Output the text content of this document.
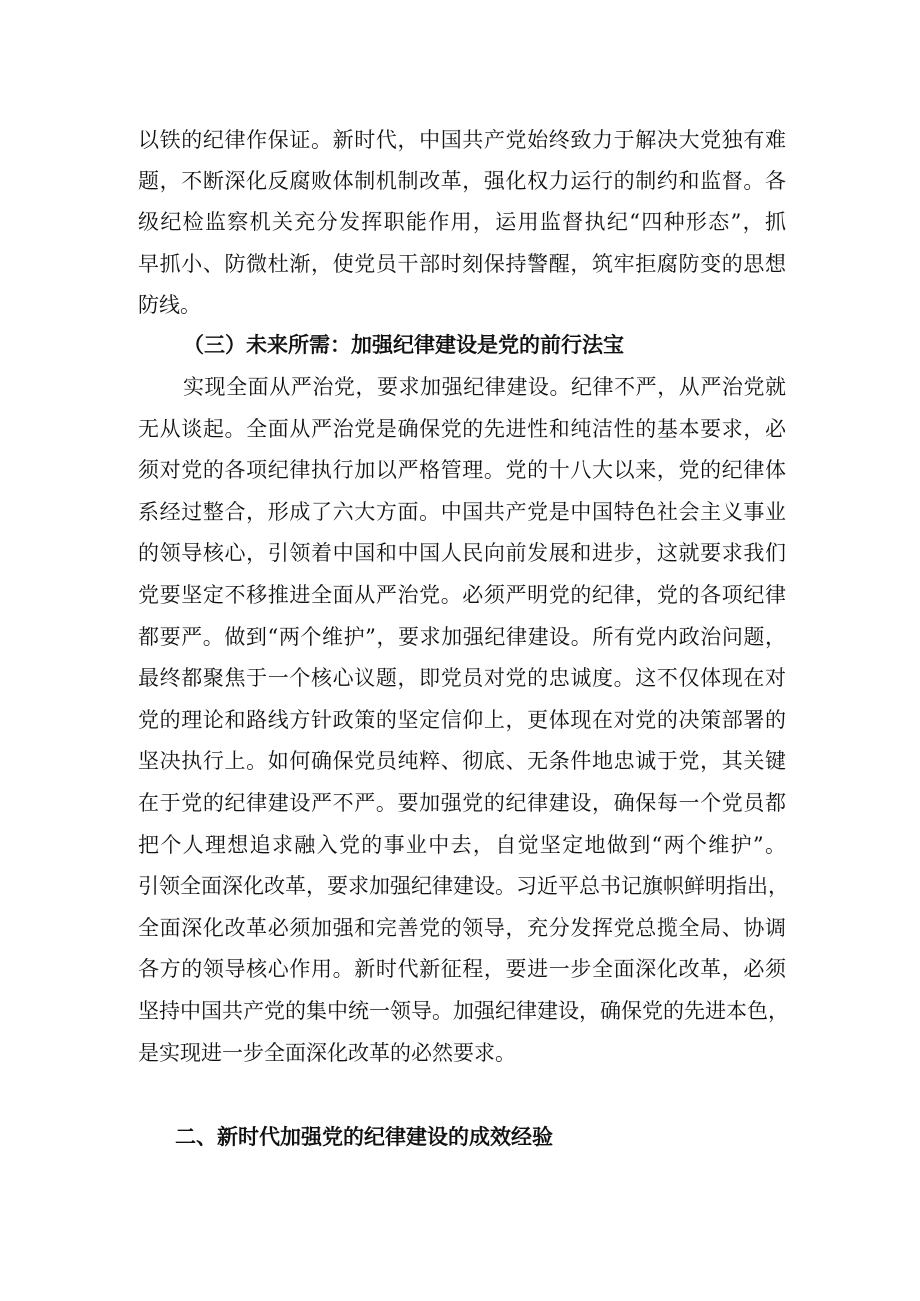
以铁的纪律作保证。新时代，中国共产党始终致力于解决大党独有难
题，不断深化反腐败体制机制改革，强化权力运行的制约和监督。各
级纪检监察机关充分发挥职能作用，运用监督执纪“四种形态”，抓
早抓小、防微杜渐，使党员干部时刻保持警醒，筑牢拒腐防变的思想
防线。
（三）未来所需：加强纪律建设是党的前行法宝
实现全面从严治党，要求加强纪律建设。纪律不严，从严治党就
无从谈起。全面从严治党是确保党的先进性和纯洁性的基本要求，必
须对党的各项纪律执行加以严格管理。党的十八大以来，党的纪律体
系经过整合，形成了六大方面。中国共产党是中国特色社会主义事业
的领导核心，引领着中国和中国人民向前发展和进步，这就要求我们
党要坚定不移推进全面从严治党。必须严明党的纪律，党的各项纪律
都要严。做到“两个维护”，要求加强纪律建设。所有党内政治问题，
最终都聚焦于一个核心议题，即党员对党的忠诚度。这不仅体现在对
党的理论和路线方针政策的坚定信仰上，更体现在对党的决策部署的
坚决执行上。如何确保党员纯粹、彻底、无条件地忠诚于党，其关键
在于党的纪律建设严不严。要加强党的纪律建设，确保每一个党员都
把个人理想追求融入党的事业中去，自觉坚定地做到“两个维护”。
引领全面深化改革，要求加强纪律建设。习近平总书记旗帜鲜明指出，
全面深化改革必须加强和完善党的领导，充分发挥党总揽全局、协调
各方的领导核心作用。新时代新征程，要进一步全面深化改革，必须
坚持中国共产党的集中统一领导。加强纪律建设，确保党的先进本色，
是实现进一步全面深化改革的必然要求。
二、新时代加强党的纪律建设的成效经验
